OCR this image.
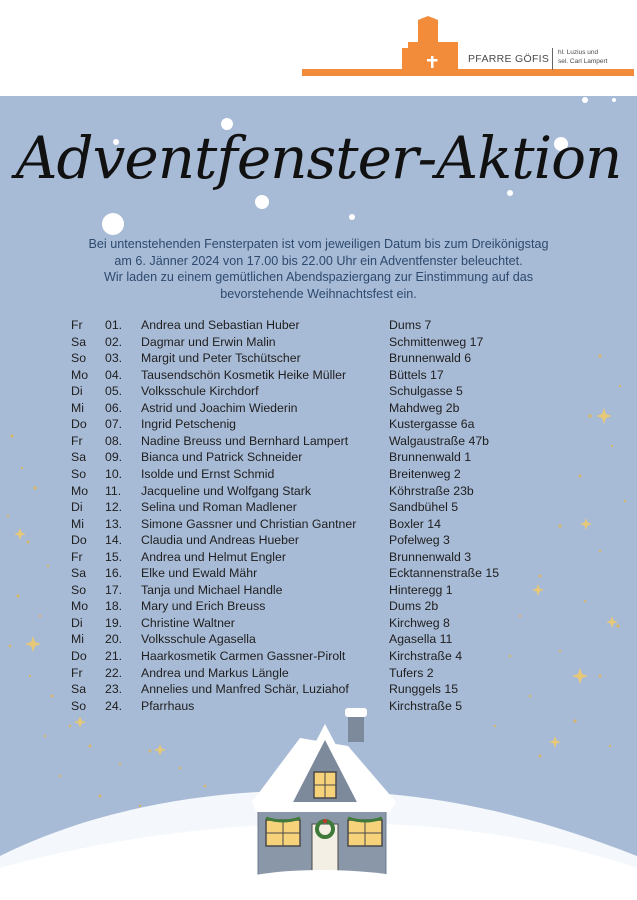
PFARRE GÖFIS
hl. Luzius und
sel. Carl Lampert
Adventfenster-Aktion
Bei untenstehenden Fensterpaten ist vom jeweiligen Datum bis zum Dreikönigstag
am 6. Jänner 2024 von 17.00 bis 22.00 Uhr ein Adventfenster beleuchtet.
Wir laden zu einem gemütlichen Abendspaziergang zur Einstimmung auf das
bevorstehende Weihnachtsfest ein.
Fr 01. Andrea und Sebastian Huber	Dums 7
Sa 02. Dagmar und Erwin Malin	Schmittenweg 17
So 03. Margit und Peter Tschütscher	Brunnenwald 6
Mo 04. Tausendschön Kosmetik Heike Müller	Büttels 17
Di 05. Volksschule Kirchdorf	Schulgasse 5
Mi 06. Astrid und Joachim Wiederin	Mahdweg 2b
Do 07. Ingrid Petschenig	Kustergasse 6a
Fr 08. Nadine Breuss und Bernhard Lampert	Walgaustraße 47b
Sa 09. Bianca und Patrick Schneider	Brunnenwald 1
So 10. Isolde und Ernst Schmid	Breitenweg 2
Mo 11. Jacqueline und Wolfgang Stark	Köhrstraße 23b
Di 12. Selina und Roman Madlener	Sandbühel 5
Mi 13. Simone Gassner und Christian Gantner	Boxler 14
Do 14. Claudia und Andreas Hueber	Pofelweg 3
Fr 15. Andrea und Helmut Engler	Brunnenwald 3
Sa 16. Elke und Ewald Mähr	Ecktannenstraße 15
So 17. Tanja und Michael Handle	Hinteregg 1
Mo 18. Mary und Erich Breuss	Dums 2b
Di 19. Christine Waltner	Kirchweg 8
Mi 20. Volksschule Agasella	Agasella 11
Do 21. Haarkosmetik Carmen Gassner-Pirolt	Kirchstraße 4
Fr 22. Andrea und Markus Längle	Tufers 2
Sa 23. Annelies und Manfred Schär, Luziahof	Runggels 15
So 24. Pfarrhaus	Kirchstraße 5
